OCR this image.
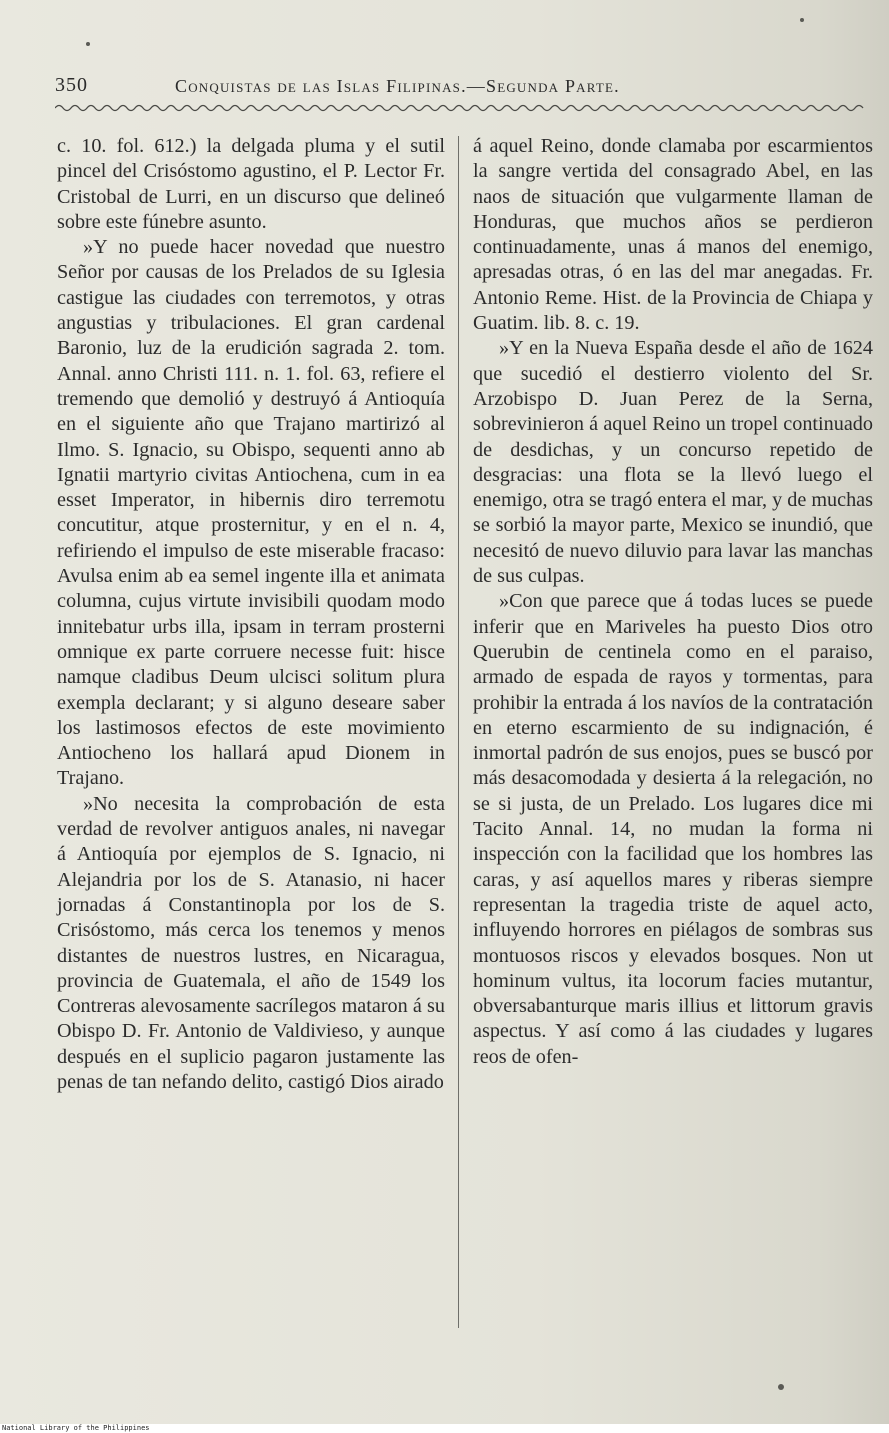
350	Conquistas de las Islas Filipinas.—Segunda Parte.

c. 10. fol. 612.) la delgada pluma y el sutil pincel del Crisóstomo agustino, el P. Lector Fr. Cristobal de Lurri, en un discurso que delineó sobre este fúnebre asunto.

»Y no puede hacer novedad que nuestro Señor por causas de los Prelados de su Iglesia castigue las ciudades con terremotos, y otras angustias y tribulaciones. El gran cardenal Baronio, luz de la erudición sagrada 2. tom. Annal. anno Christi 111. n. 1. fol. 63, refiere el tremendo que demolió y destruyó á Antioquía en el siguiente año que Trajano martirizó al Ilmo. S. Ignacio, su Obispo, sequenti anno ab Ignatii martyrio civitas Antiochena, cum in ea esset Imperator, in hibernis diro terremotu concutitur, atque prosternitur, y en el n. 4, refiriendo el impulso de este miserable fracaso: Avulsa enim ab ea semel ingente illa et animata columna, cujus virtute invisibili quodam modo innitebatur urbs illa, ipsam in terram prosterni omnique ex parte corruere necesse fuit: hisce namque cladibus Deum ulcisci solitum plura exempla declarant; y si alguno deseare saber los lastimosos efectos de este movimiento Antiocheno los hallará apud Dionem in Trajano.

»No necesita la comprobación de esta verdad de revolver antiguos anales, ni navegar á Antioquía por ejemplos de S. Ignacio, ni Alejandria por los de S. Atanasio, ni hacer jornadas á Constantinopla por los de S. Crisóstomo, más cerca los tenemos y menos distantes de nuestros lustres, en Nicaragua, provincia de Guatemala, el año de 1549 los Contreras alevosamente sacrílegos mataron á su Obispo D. Fr. Antonio de Valdivieso, y aunque después en el suplicio pagaron justamente las penas de tan nefando delito, castigó Dios airado

á aquel Reino, donde clamaba por escarmientos la sangre vertida del consagrado Abel, en las naos de situación que vulgarmente llaman de Honduras, que muchos años se perdieron continuadamente, unas á manos del enemigo, apresadas otras, ó en las del mar anegadas. Fr. Antonio Reme. Hist. de la Provincia de Chiapa y Guatim. lib. 8. c. 19.

»Y en la Nueva España desde el año de 1624 que sucedió el destierro violento del Sr. Arzobispo D. Juan Perez de la Serna, sobrevinieron á aquel Reino un tropel continuado de desdichas, y un concurso repetido de desgracias: una flota se la llevó luego el enemigo, otra se tragó entera el mar, y de muchas se sorbió la mayor parte, Mexico se inundió, que necesitó de nuevo diluvio para lavar las manchas de sus culpas.

»Con que parece que á todas luces se puede inferir que en Mariveles ha puesto Dios otro Querubin de centinela como en el paraiso, armado de espada de rayos y tormentas, para prohibir la entrada á los navíos de la contratación en eterno escarmiento de su indignación, é inmortal padrón de sus enojos, pues se buscó por más desacomodada y desierta á la relegación, no se si justa, de un Prelado. Los lugares dice mi Tacito Annal. 14, no mudan la forma ni inspección con la facilidad que los hombres las caras, y así aquellos mares y riberas siempre representan la tragedia triste de aquel acto, influyendo horrores en piélagos de sombras sus montuosos riscos y elevados bosques. Non ut hominum vultus, ita locorum facies mutantur, obversabanturque maris illius et littorum gravis aspectus. Y así como á las ciudades y lugares reos de ofen-

National Library of the Philippines
